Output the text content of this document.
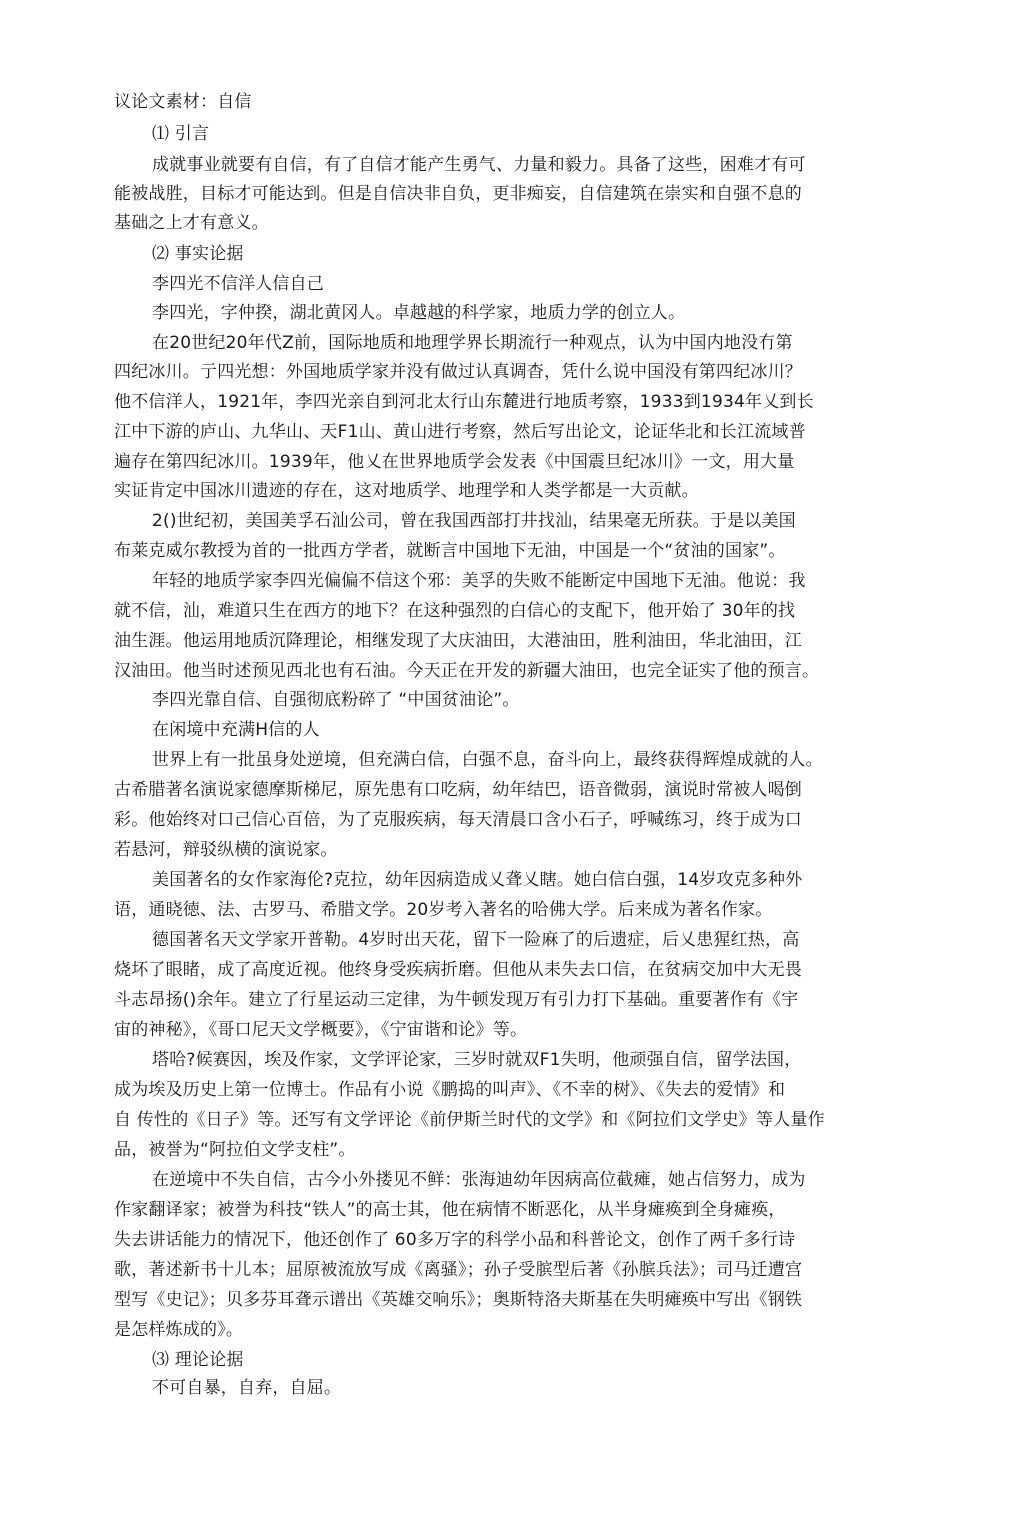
议论文素材：自信
⑴ 引言
成就事业就要有自信，有了自信才能产生勇气、力量和毅力。具备了这些，困难才有可
能被战胜，目标才可能达到。但是自信决非自负，更非痴妄，自信建筑在崇实和自强不息的
基础之上才有意义。
⑵ 事实论据
李四光不信洋人信自己
李四光，字仲揆，湖北黄冈人。卓越越的科学家，地质力学的创立人。
在20世纪20年代Z前，国际地质和地理学界长期流行一种观点，认为中国内地没冇第
四纪冰川。亍四光想：外国地质学家并没有做过认真调杳，凭什么说中国没有第四纪冰川？
他不信洋人，1921年，李四光亲自到河北太行山东麓进行地质考察，1933到1934年乂到长
江中下游的庐山、九华山、天F1山、黄山进行考察，然后写出论文，论证华北和长江流域普
遍存在第四纪冰川。1939年，他乂在世界地质学会发表《中国震旦纪冰川》一文，用大量
实证肯定中国冰川遗迹的存在，这对地质学、地理学和人类学都是一大贡献。
2()世纪初，美国美孚石汕公司，曾在我国西部打井找汕，结果毫无所获。于是以美国
布莱克威尔教授为首的一批西方学者，就断言中国地下无油，中国是一个“贫油的国家”。
年轻的地质学家李四光偏偏不信这个邪：美孚的失败不能断定中国地下无油。他说：我
就不信，汕，难道只生在西方的地下？在这种强烈的白信心的支配下，他开始了 30年的找
油生涯。他运用地质沉降理论，相继发现了大庆油田，大港油田，胜利油田，华北油田，江
汉油田。他当时述预见西北也有石油。今天正在开发的新疆大油田，也完全证实了他的预言。
李四光靠自信、自强彻底粉碎了 “中国贫油论”。
在闲境中充满H信的人
世界上有一批虽身处逆境，但充满白信，白强不息，奋斗向上，最终获得辉煌成就的人。
古希腊著名演说家德摩斯梯尼，原先患有口吃病，幼年结巴，语音微弱，演说时常被人喝倒
彩。他始终对口己信心百倍，为了克服疾病，每天清晨口含小石子，呼喊练习，终于成为口
若悬河，辩驳纵横的演说家。
美国著名的女作家海伦?克拉，幼年因病造成乂聋乂瞎。她白信白强，14岁攻克多种外
语，通晓徳、法、古罗马、希腊文学。20岁考入著名的哈佛大学。后来成为著名作家。
德国著名天文学家开普勒。4岁时出天花，留下一险麻了的后遗症，后乂患猩红热，高
烧坏了眼睹，成了高度近视。他终身受疾病折磨。但他从耒失去口信，在贫病交加中大无畏
斗志昂扬()余年。建立了行星运动三定律，为牛顿发现万有引力打下基础。重要著作有《宇
宙的神秘》，《哥口尼天文学概要》，《宁宙谐和论》等。
塔哈?候赛因，埃及作家，文学评论家，三岁时就双F1失明，他顽强自信，留学法国，
成为埃及历史上第一位博士。作品有小说《鹏捣的叫声》、《不幸的树》、《失去的爱情》和
自 传性的《日子》等。还写有文学评论《前伊斯兰时代的文学》和《阿拉们文学史》等人量作
品，被誉为“阿拉伯文学支柱”。
在逆境中不失自信，古今小外搂见不鲜：张海迪幼年因病高位截瘫，她占信努力，成为
作家翻译家；被誉为科技“铁人”的高士其，他在病情不断恶化，从半身瘫痪到全身瘫痪，
失去讲话能力的情况下，他还创作了 60多万字的科学小品和科普论文，创作了两千多行诗
歌，著述新书十儿本；屈原被流放写成《离骚》；孙子受膑型后著《孙膑兵法》；司马迁遭宫
型写《史记》；贝多芬耳聋示谱出《英雄交响乐》；奥斯特洛夫斯基在失明瘫痪中写出《钢铁
是怎样炼成的》。
⑶ 理论论据
不可自暴，自弃，自屈。
